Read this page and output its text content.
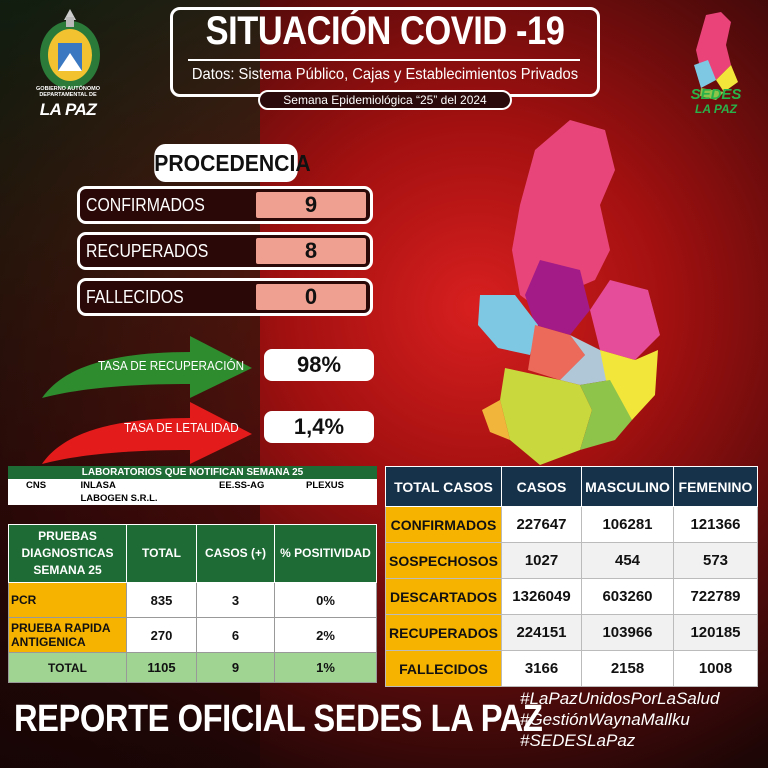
GOBIERNO AUTÓNOMO
DEPARTAMENTAL DE
LA PAZ
SEDES
LA PAZ
SITUACIÓN COVID -19
Datos: Sistema Público, Cajas y Establecimientos Privados
Semana Epidemiológica “25” del 2024
PROCEDENCIA
CONFIRMADOS	9
RECUPERADOS	8
FALLECIDOS	0
TASA DE RECUPERACIÓN	98%
TASA DE LETALIDAD	1,4%
LABORATORIOS QUE NOTIFICAN SEMANA 25			
CNS	INLASA	EE.SS-AG	PLEXUS
	LABOGEN S.R.L.		
PRUEBAS DIAGNOSTICAS SEMANA 25	TOTAL	CASOS (+)	% POSITIVIDAD
PCR	835	3	0%
PRUEBA RAPIDA ANTIGENICA	270	6	2%
TOTAL	1105	9	1%
TOTAL CASOS	CASOS	MASCULINO	FEMENINO
CONFIRMADOS	227647	106281	121366
SOSPECHOSOS	1027	454	573
DESCARTADOS	1326049	603260	722789
RECUPERADOS	224151	103966	120185
FALLECIDOS	3166	2158	1008
REPORTE OFICIAL SEDES LA PAZ
#LaPazUnidosPorLaSalud
#GestiónWaynaMallku
#SEDESLaPaz
